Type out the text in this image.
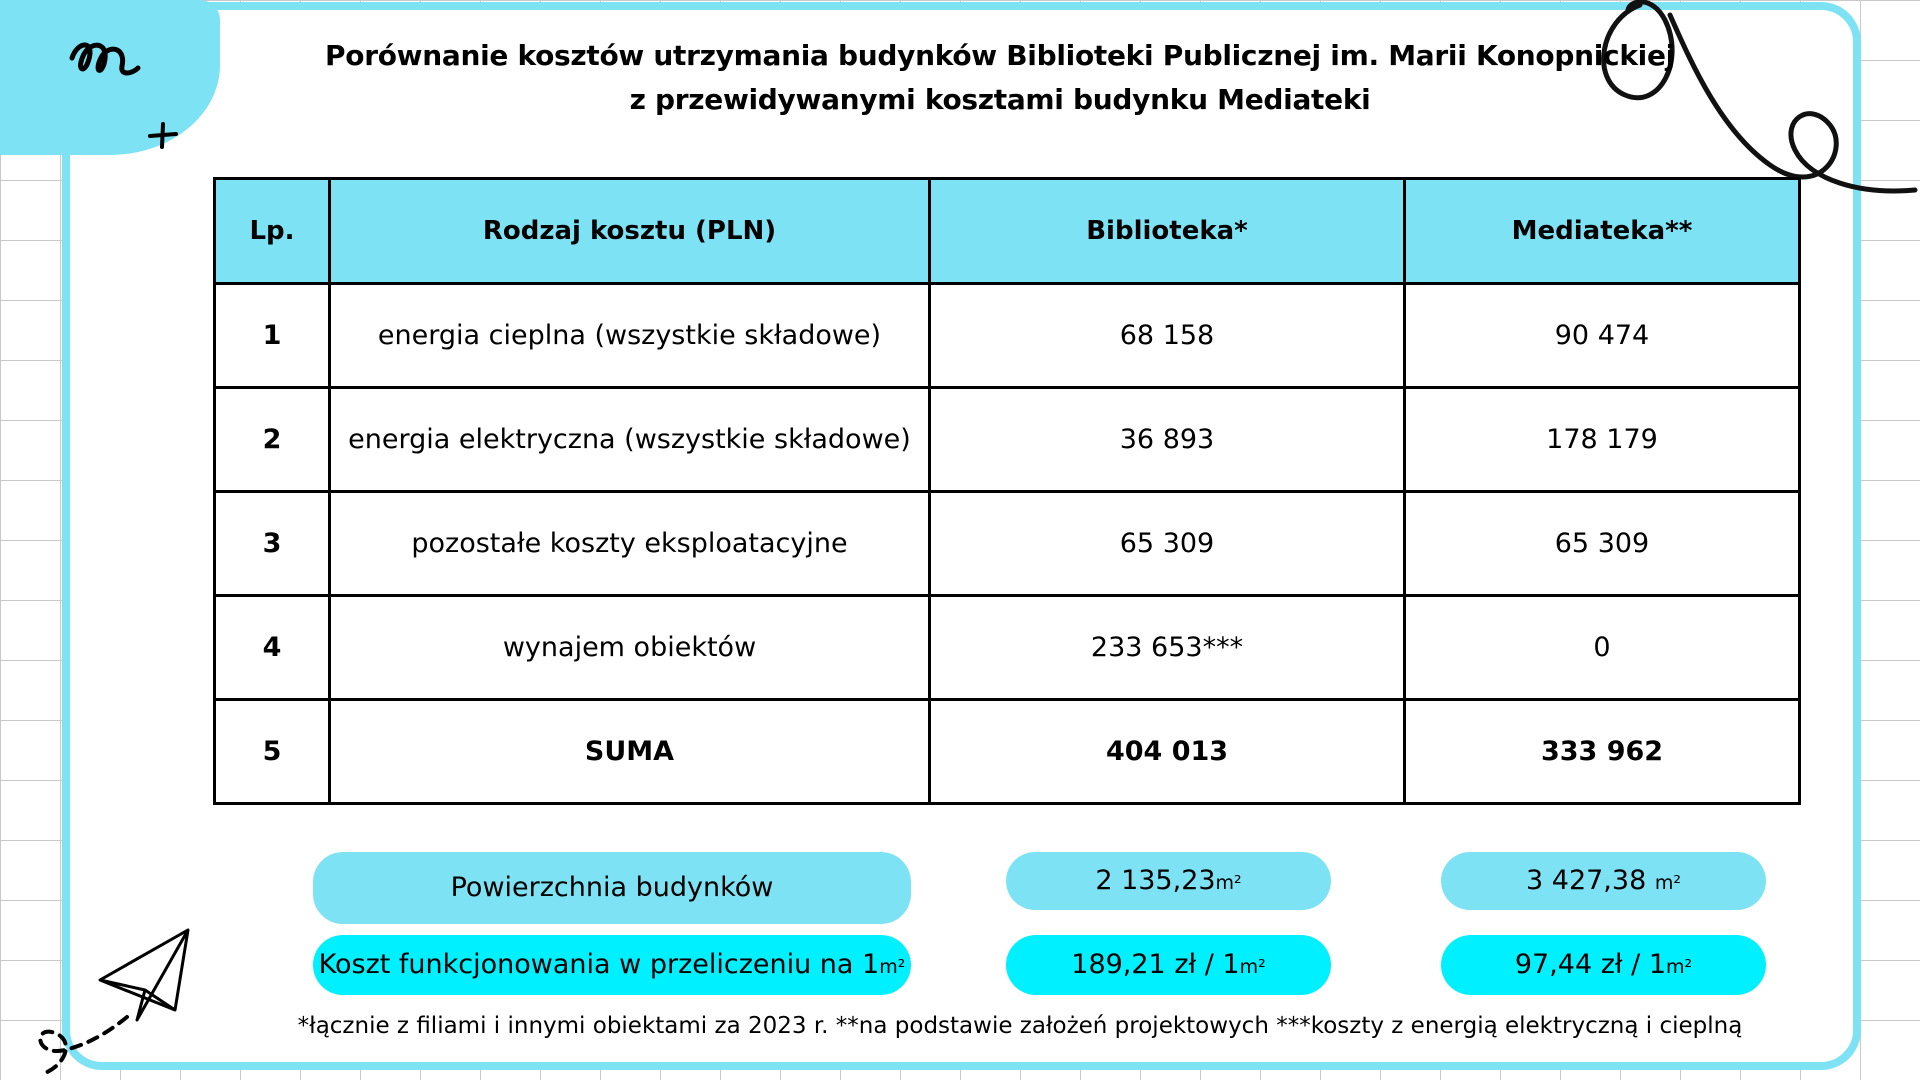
Porównanie kosztów utrzymania budynków Biblioteki Publicznej im. Marii Konopnickiej
z przewidywanymi kosztami budynku Mediateki
Lp.	Rodzaj kosztu (PLN)	Biblioteka*	Mediateka**
1	energia cieplna (wszystkie składowe)	68 158	90 474
2	energia elektryczna (wszystkie składowe)	36 893	178 179
3	pozostałe koszty eksploatacyjne	65 309	65 309
4	wynajem obiektów	233 653***	0
5	SUMA	404 013	333 962
Powierzchnia budynków	2 135,23m²	3 427,38 m²
Koszt funkcjonowania w przeliczeniu na 1m²	189,21 zł / 1m²	97,44 zł / 1m²
*łącznie z filiami i innymi obiektami za 2023 r. **na podstawie założeń projektowych ***koszty z energią elektryczną i cieplną
